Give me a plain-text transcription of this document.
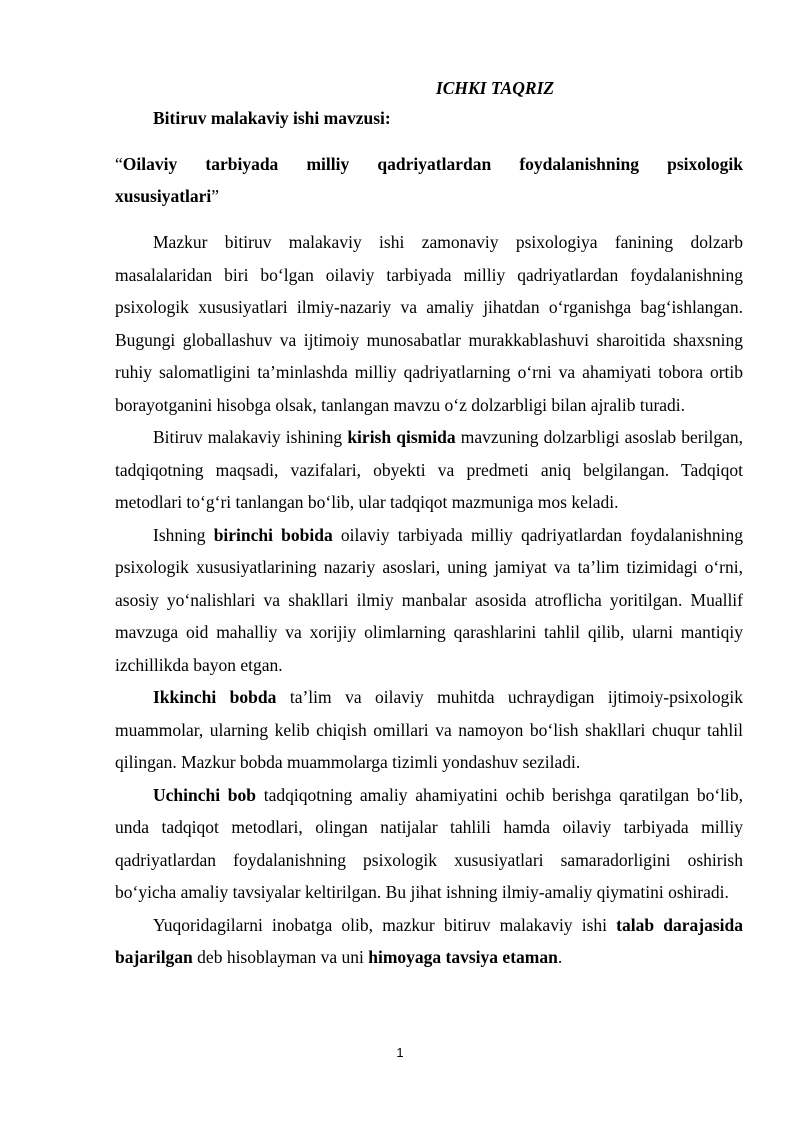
ICHKI TAQRIZ
Bitiruv malakaviy ishi mavzusi:
“Oilaviy tarbiyada milliy qadriyatlardan foydalanishning psixologik
xususiyatlari”

Mazkur bitiruv malakaviy ishi zamonaviy psixologiya fanining dolzarb masalalaridan biri bo‘lgan oilaviy tarbiyada milliy qadriyatlardan foydalanishning psixologik xususiyatlari ilmiy-nazariy va amaliy jihatdan o‘rganishga bag‘ishlangan. Bugungi globallashuv va ijtimoiy munosabatlar murakkablashuvi sharoitida shaxsning ruhiy salomatligini ta’minlashda milliy qadriyatlarning o‘rni va ahamiyati tobora ortib borayotganini hisobga olsak, tanlangan mavzu o‘z dolzarbligi bilan ajralib turadi.

Bitiruv malakaviy ishining kirish qismida mavzuning dolzarbligi asoslab berilgan, tadqiqotning maqsadi, vazifalari, obyekti va predmeti aniq belgilangan. Tadqiqot metodlari to‘g‘ri tanlangan bo‘lib, ular tadqiqot mazmuniga mos keladi.

Ishning birinchi bobida oilaviy tarbiyada milliy qadriyatlardan foydalanishning psixologik xususiyatlarining nazariy asoslari, uning jamiyat va ta’lim tizimidagi o‘rni, asosiy yo‘nalishlari va shakllari ilmiy manbalar asosida atroflicha yoritilgan. Muallif mavzuga oid mahalliy va xorijiy olimlarning qarashlarini tahlil qilib, ularni mantiqiy izchillikda bayon etgan.

Ikkinchi bobda ta’lim va oilaviy muhitda uchraydigan ijtimoiy-psixologik muammolar, ularning kelib chiqish omillari va namoyon bo‘lish shakllari chuqur tahlil qilingan. Mazkur bobda muammolarga tizimli yondashuv seziladi.

Uchinchi bob tadqiqotning amaliy ahamiyatini ochib berishga qaratilgan bo‘lib, unda tadqiqot metodlari, olingan natijalar tahlili hamda oilaviy tarbiyada milliy qadriyatlardan foydalanishning psixologik xususiyatlari samaradorligini oshirish bo‘yicha amaliy tavsiyalar keltirilgan. Bu jihat ishning ilmiy-amaliy qiymatini oshiradi.

Yuqoridagilarni inobatga olib, mazkur bitiruv malakaviy ishi talab darajasida bajarilgan deb hisoblayman va uni himoyaga tavsiya etaman.

1
